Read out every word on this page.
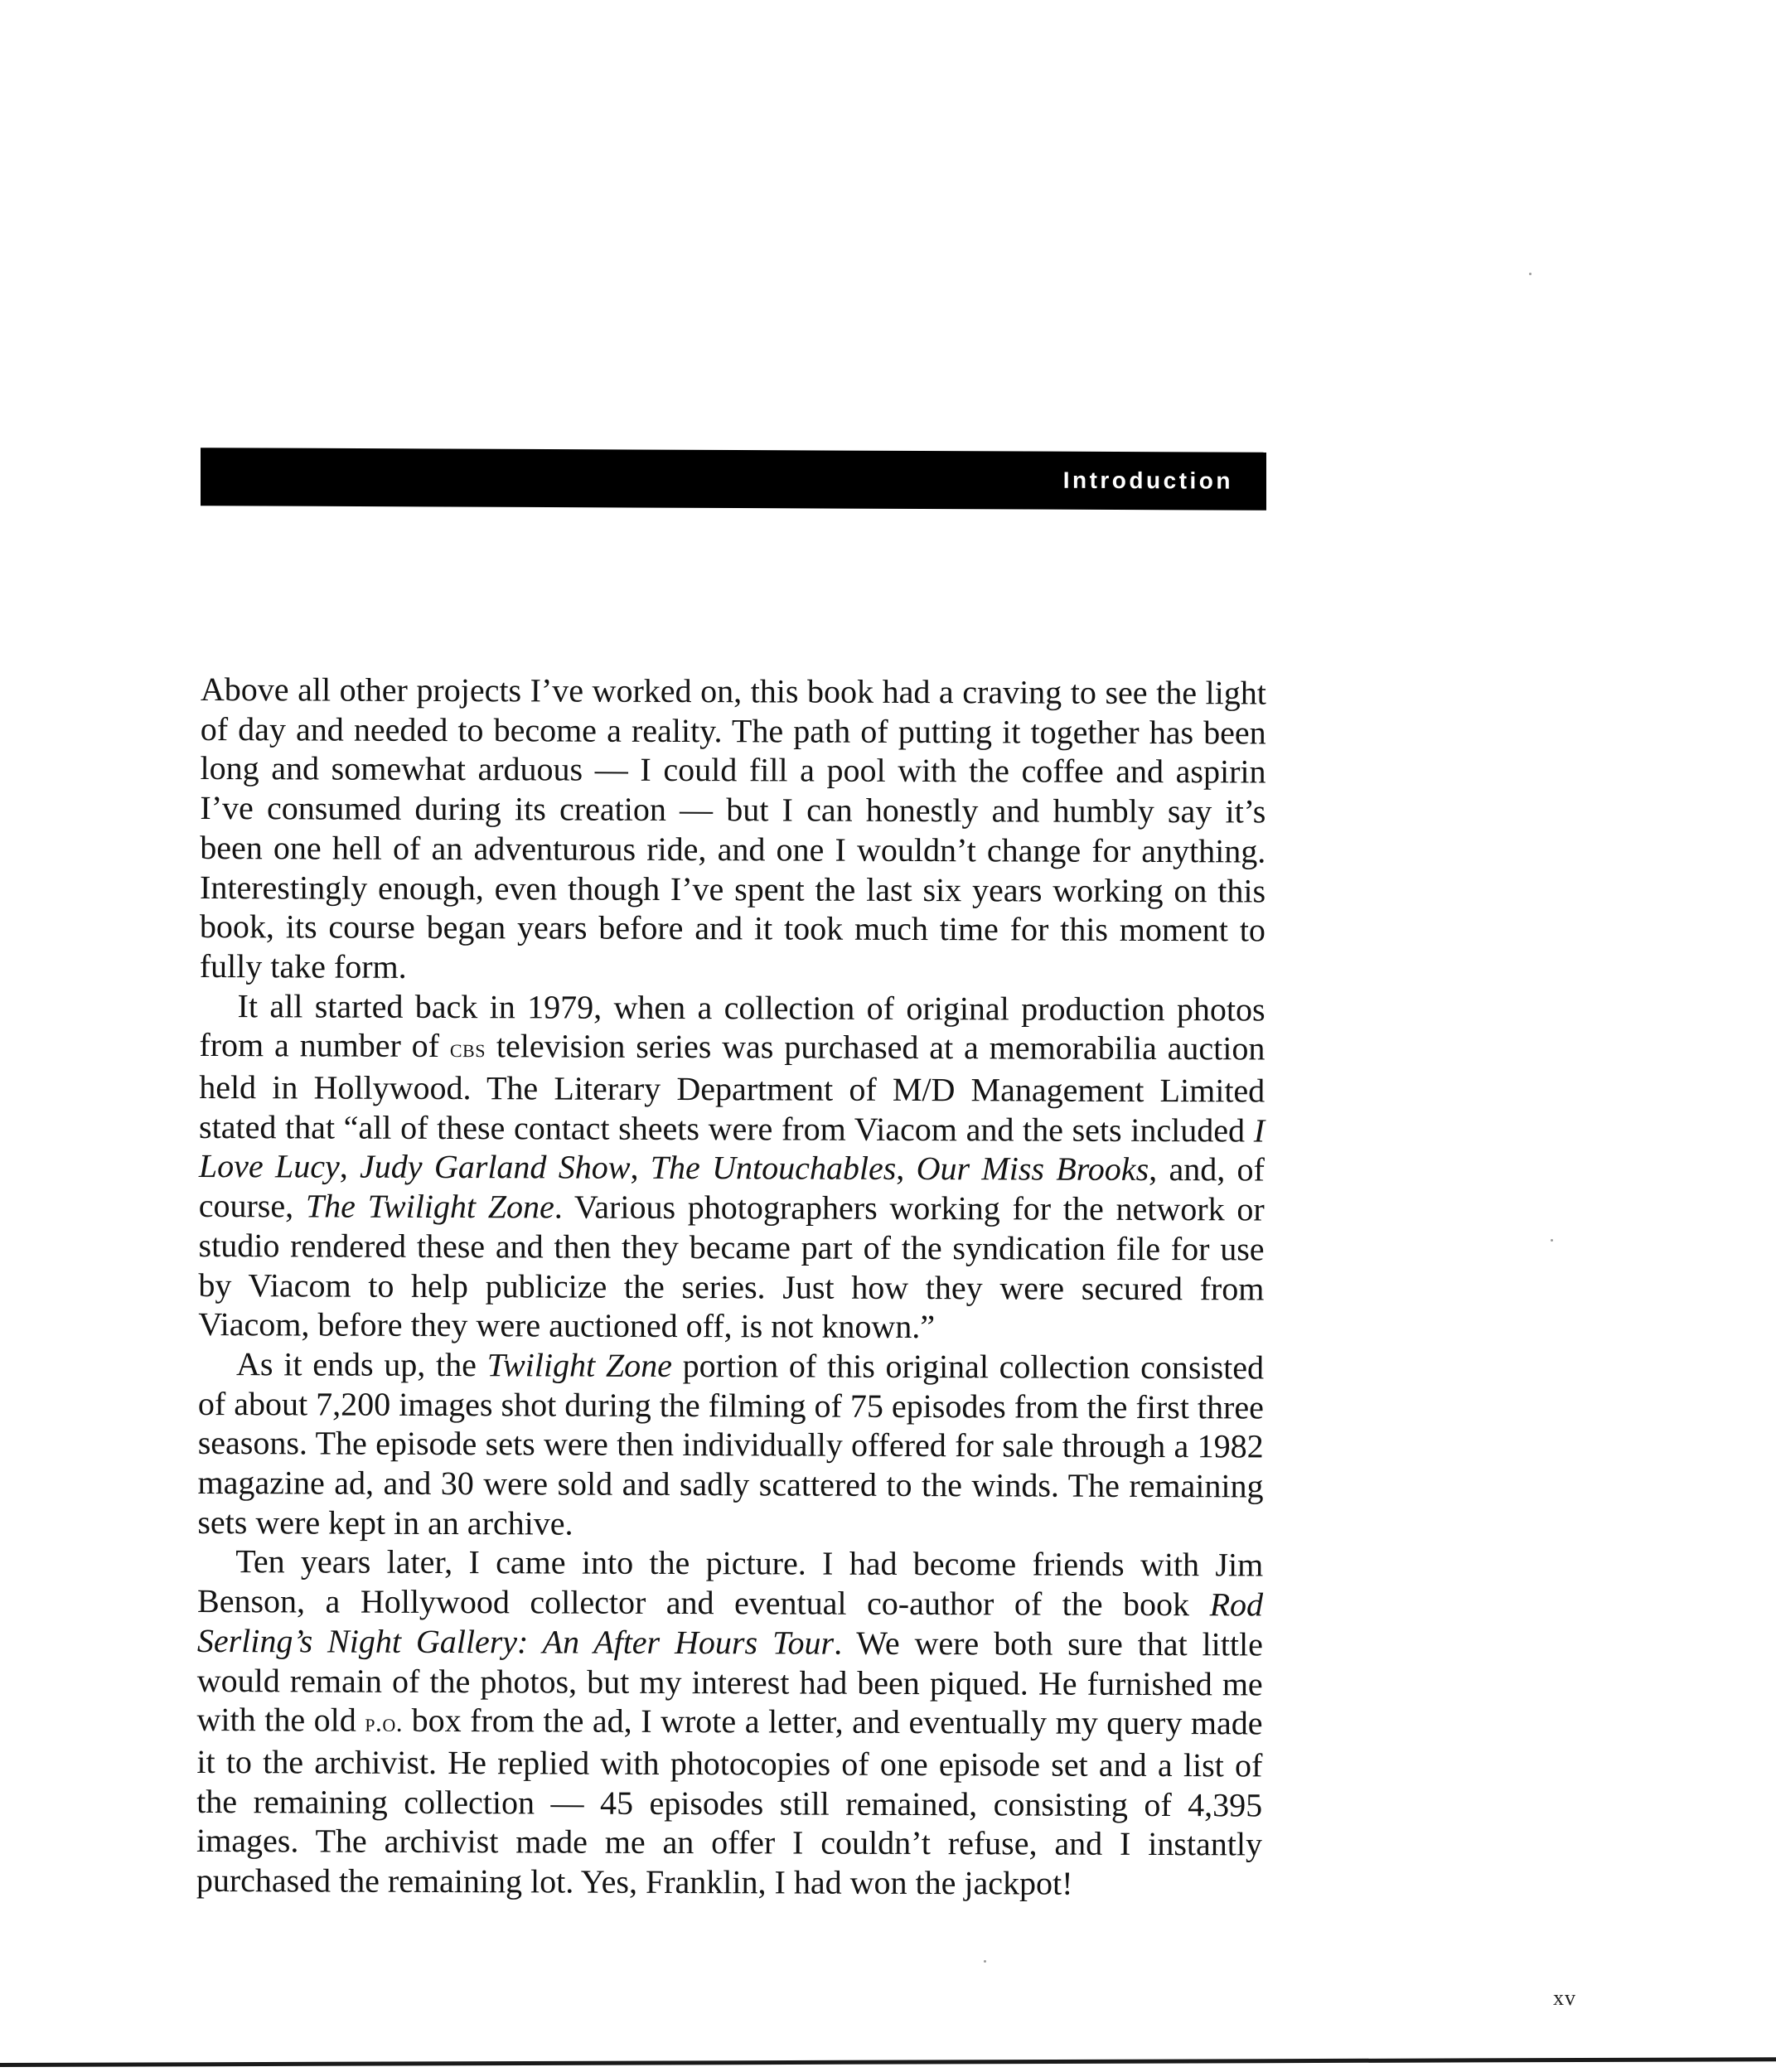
Introduction

Above all other projects I’ve worked on, this book had a craving to see the light of day and needed to become a reality. The path of putting it together has been long and somewhat arduous — I could fill a pool with the coffee and aspirin I’ve consumed during its creation — but I can honestly and humbly say it’s been one hell of an adventurous ride, and one I wouldn’t change for anything. Interestingly enough, even though I’ve spent the last six years working on this book, its course began years before and it took much time for this moment to fully take form.

It all started back in 1979, when a collection of original production photos from a number of cbs television series was purchased at a memorabilia auction held in Hollywood. The Literary Department of M/D Management Limited stated that “all of these contact sheets were from Viacom and the sets included I Love Lucy, Judy Garland Show, The Untouchables, Our Miss Brooks, and, of course, The Twilight Zone. Various photographers working for the network or studio rendered these and then they became part of the syndication file for use by Viacom to help publicize the series. Just how they were secured from Viacom, before they were auctioned off, is not known.”

As it ends up, the Twilight Zone portion of this original collection consisted of about 7,200 images shot during the filming of 75 episodes from the first three seasons. The episode sets were then individually offered for sale through a 1982 magazine ad, and 30 were sold and sadly scattered to the winds. The remaining sets were kept in an archive.

Ten years later, I came into the picture. I had become friends with Jim Benson, a Hollywood collector and eventual co-author of the book Rod Serling’s Night Gallery: An After Hours Tour. We were both sure that little would remain of the photos, but my interest had been piqued. He furnished me with the old p.o. box from the ad, I wrote a letter, and eventually my query made it to the archivist. He replied with photocopies of one episode set and a list of the remaining collection — 45 episodes still remained, consisting of 4,395 images. The archivist made me an offer I couldn’t refuse, and I instantly purchased the remaining lot. Yes, Franklin, I had won the jackpot!

xv
